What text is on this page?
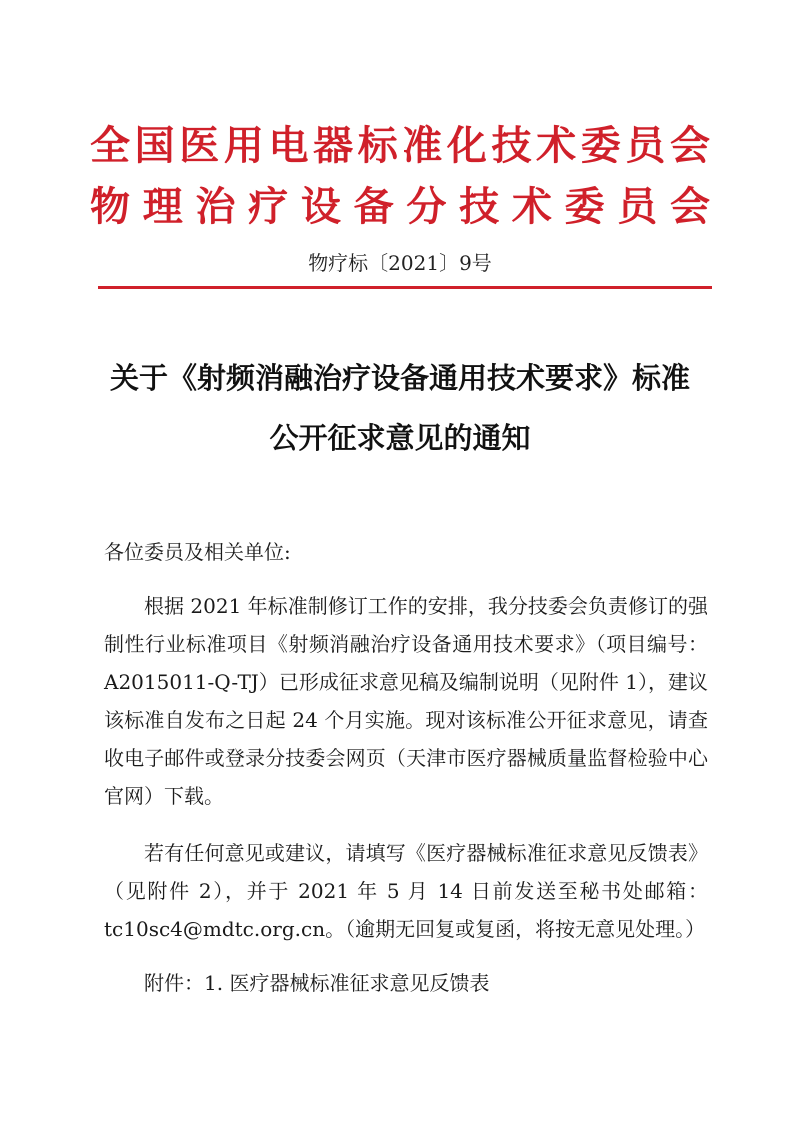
全国医用电器标准化技术委员会
物理治疗设备分技术委员会
物疗标〔2021〕9号
关于《射频消融治疗设备通用技术要求》标准
公开征求意见的通知
各位委员及相关单位:
根据 2021 年标准制修订工作的安排，我分技委会负责修订的强制性行业标准项目《射频消融治疗设备通用技术要求》（项目编号：A2015011-Q-TJ）已形成征求意见稿及编制说明（见附件 1），建议该标准自发布之日起 24 个月实施。现对该标准公开征求意见，请查收电子邮件或登录分技委会网页（天津市医疗器械质量监督检验中心官网）下载。
若有任何意见或建议，请填写《医疗器械标准征求意见反馈表》（见附件 2），并于 2021 年 5 月 14 日前发送至秘书处邮箱：tc10sc4@mdtc.org.cn。（逾期无回复或复函，将按无意见处理。）
附件：1. 医疗器械标准征求意见反馈表
